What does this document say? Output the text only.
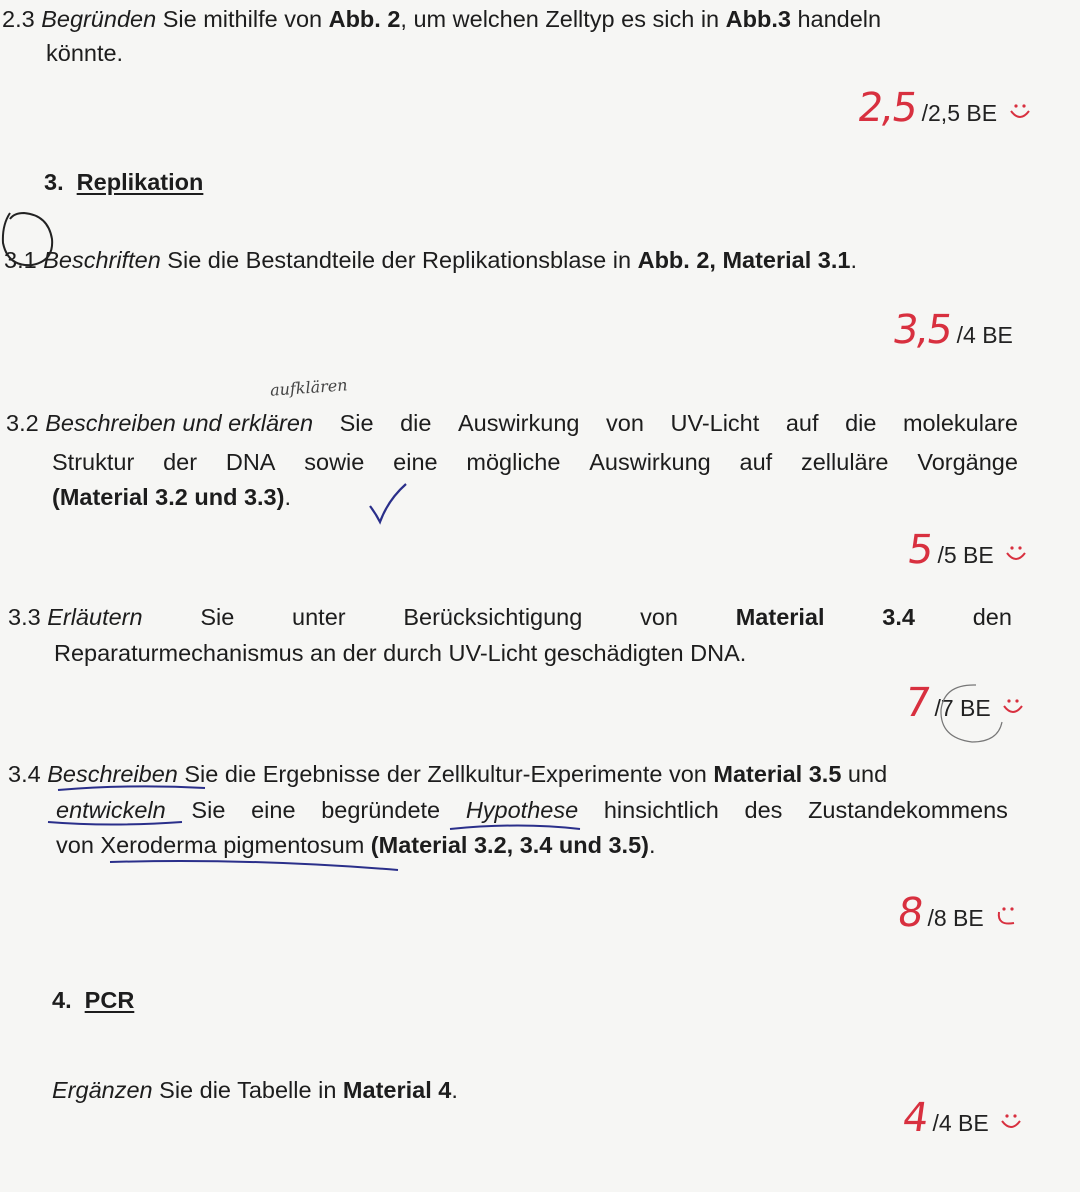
2.3 Begründen Sie mithilfe von Abb. 2, um welchen Zelltyp es sich in Abb.3 handeln
könnte.
2,5 /2,5 BE
3. Replikation
3.1 Beschriften Sie die Bestandteile der Replikationsblase in Abb. 2, Material 3.1.
3,5 /4 BE
aufklären
3.2 Beschreiben und erklären Sie die Auswirkung von UV-Licht auf die molekulare
Struktur der DNA sowie eine mögliche Auswirkung auf zelluläre Vorgänge
(Material 3.2 und 3.3).
5 /5 BE
3.3 Erläutern Sie unter Berücksichtigung von Material 3.4 den
Reparaturmechanismus an der durch UV-Licht geschädigten DNA.
7 /7 BE
3.4 Beschreiben Sie die Ergebnisse der Zellkultur-Experimente von Material 3.5 und
entwickeln Sie eine begründete Hypothese hinsichtlich des Zustandekommens
von Xeroderma pigmentosum (Material 3.2, 3.4 und 3.5).
8 /8 BE
4. PCR
Ergänzen Sie die Tabelle in Material 4.
4 /4 BE
